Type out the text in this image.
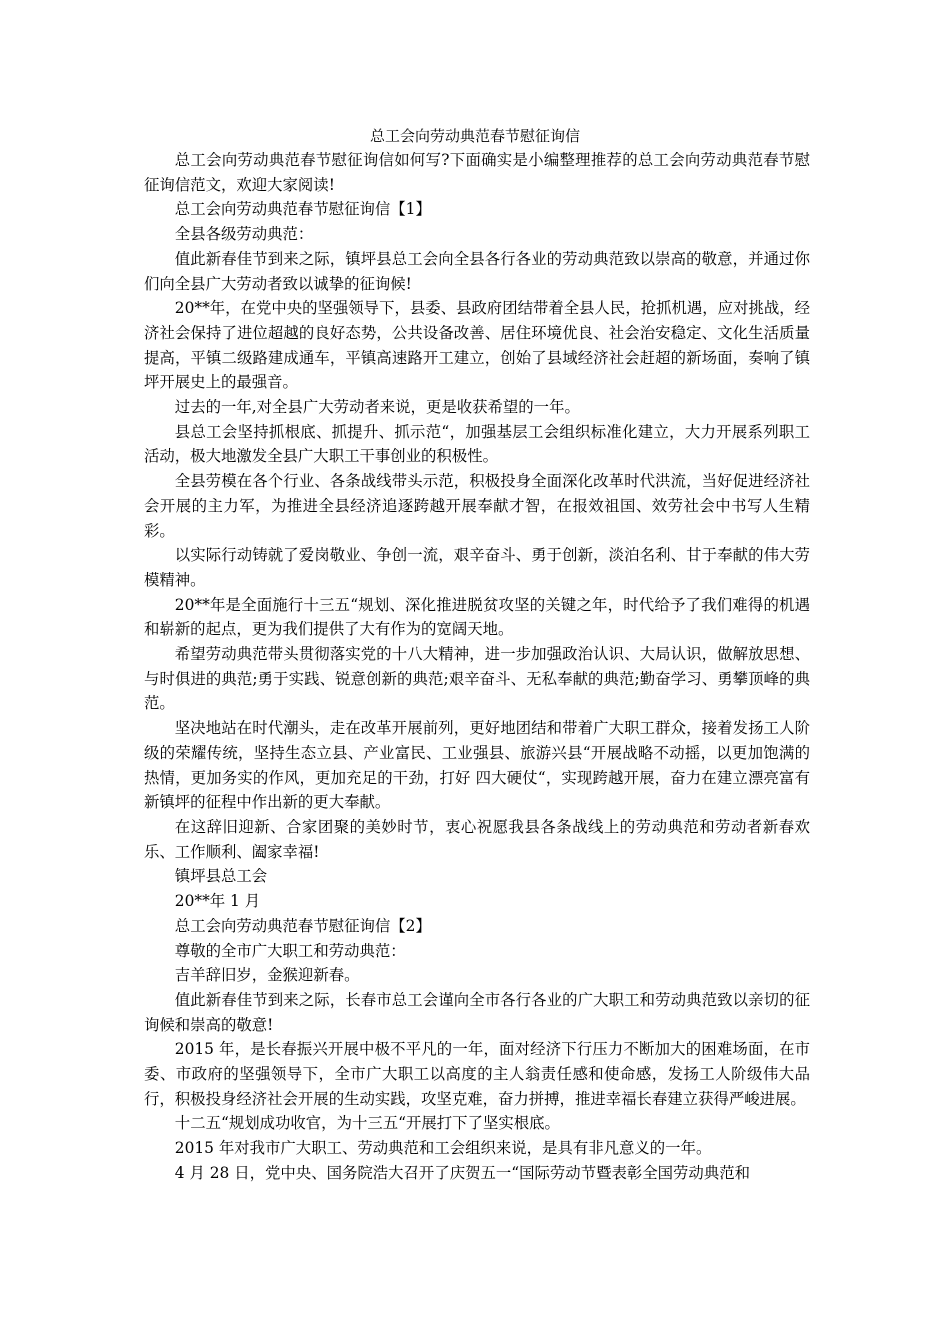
总工会向劳动典范春节慰征询信

总工会向劳动典范春节慰征询信如何写?下面确实是小编整理推荐的总工会向劳动典范春节慰征询信范文，欢迎大家阅读!

总工会向劳动典范春节慰征询信【1】

全县各级劳动典范：

值此新春佳节到来之际，镇坪县总工会向全县各行各业的劳动典范致以崇高的敬意，并通过你们向全县广大劳动者致以诚挚的征询候!

20**年，在党中央的坚强领导下，县委、县政府团结带着全县人民，抢抓机遇，应对挑战，经济社会保持了进位超越的良好态势，公共设备改善、居住环境优良、社会治安稳定、文化生活质量提高，平镇二级路建成通车，平镇高速路开工建立，创始了县域经济社会赶超的新场面，奏响了镇坪开展史上的最强音。

过去的一年,对全县广大劳动者来说，更是收获希望的一年。

县总工会坚持抓根底、抓提升、抓示范“，加强基层工会组织标准化建立，大力开展系列职工活动，极大地激发全县广大职工干事创业的积极性。

全县劳模在各个行业、各条战线带头示范，积极投身全面深化改革时代洪流，当好促进经济社会开展的主力军，为推进全县经济追逐跨越开展奉献才智，在报效祖国、效劳社会中书写人生精彩。

以实际行动铸就了爱岗敬业、争创一流，艰辛奋斗、勇于创新，淡泊名利、甘于奉献的伟大劳模精神。

20**年是全面施行十三五“规划、深化推进脱贫攻坚的关键之年，时代给予了我们难得的机遇和崭新的起点，更为我们提供了大有作为的宽阔天地。

希望劳动典范带头贯彻落实党的十八大精神，进一步加强政治认识、大局认识，做解放思想、与时俱进的典范;勇于实践、锐意创新的典范;艰辛奋斗、无私奉献的典范;勤奋学习、勇攀顶峰的典范。

坚决地站在时代潮头，走在改革开展前列，更好地团结和带着广大职工群众，接着发扬工人阶级的荣耀传统，坚持生态立县、产业富民、工业强县、旅游兴县“开展战略不动摇，以更加饱满的热情，更加务实的作风，更加充足的干劲，打好 四大硬仗“，实现跨越开展，奋力在建立漂亮富有新镇坪的征程中作出新的更大奉献。

在这辞旧迎新、合家团聚的美妙时节，衷心祝愿我县各条战线上的劳动典范和劳动者新春欢乐、工作顺利、阖家幸福!

镇坪县总工会

20**年 1 月

总工会向劳动典范春节慰征询信【2】

尊敬的全市广大职工和劳动典范：

吉羊辞旧岁，金猴迎新春。

值此新春佳节到来之际，长春市总工会谨向全市各行各业的广大职工和劳动典范致以亲切的征询候和崇高的敬意!

2015 年，是长春振兴开展中极不平凡的一年，面对经济下行压力不断加大的困难场面，在市委、市政府的坚强领导下，全市广大职工以高度的主人翁责任感和使命感，发扬工人阶级伟大品行，积极投身经济社会开展的生动实践，攻坚克难，奋力拼搏，推进幸福长春建立获得严峻进展。

十二五“规划成功收官，为十三五“开展打下了坚实根底。

2015 年对我市广大职工、劳动典范和工会组织来说，是具有非凡意义的一年。

4 月 28 日，党中央、国务院浩大召开了庆贺五一“国际劳动节暨表彰全国劳动典范和
